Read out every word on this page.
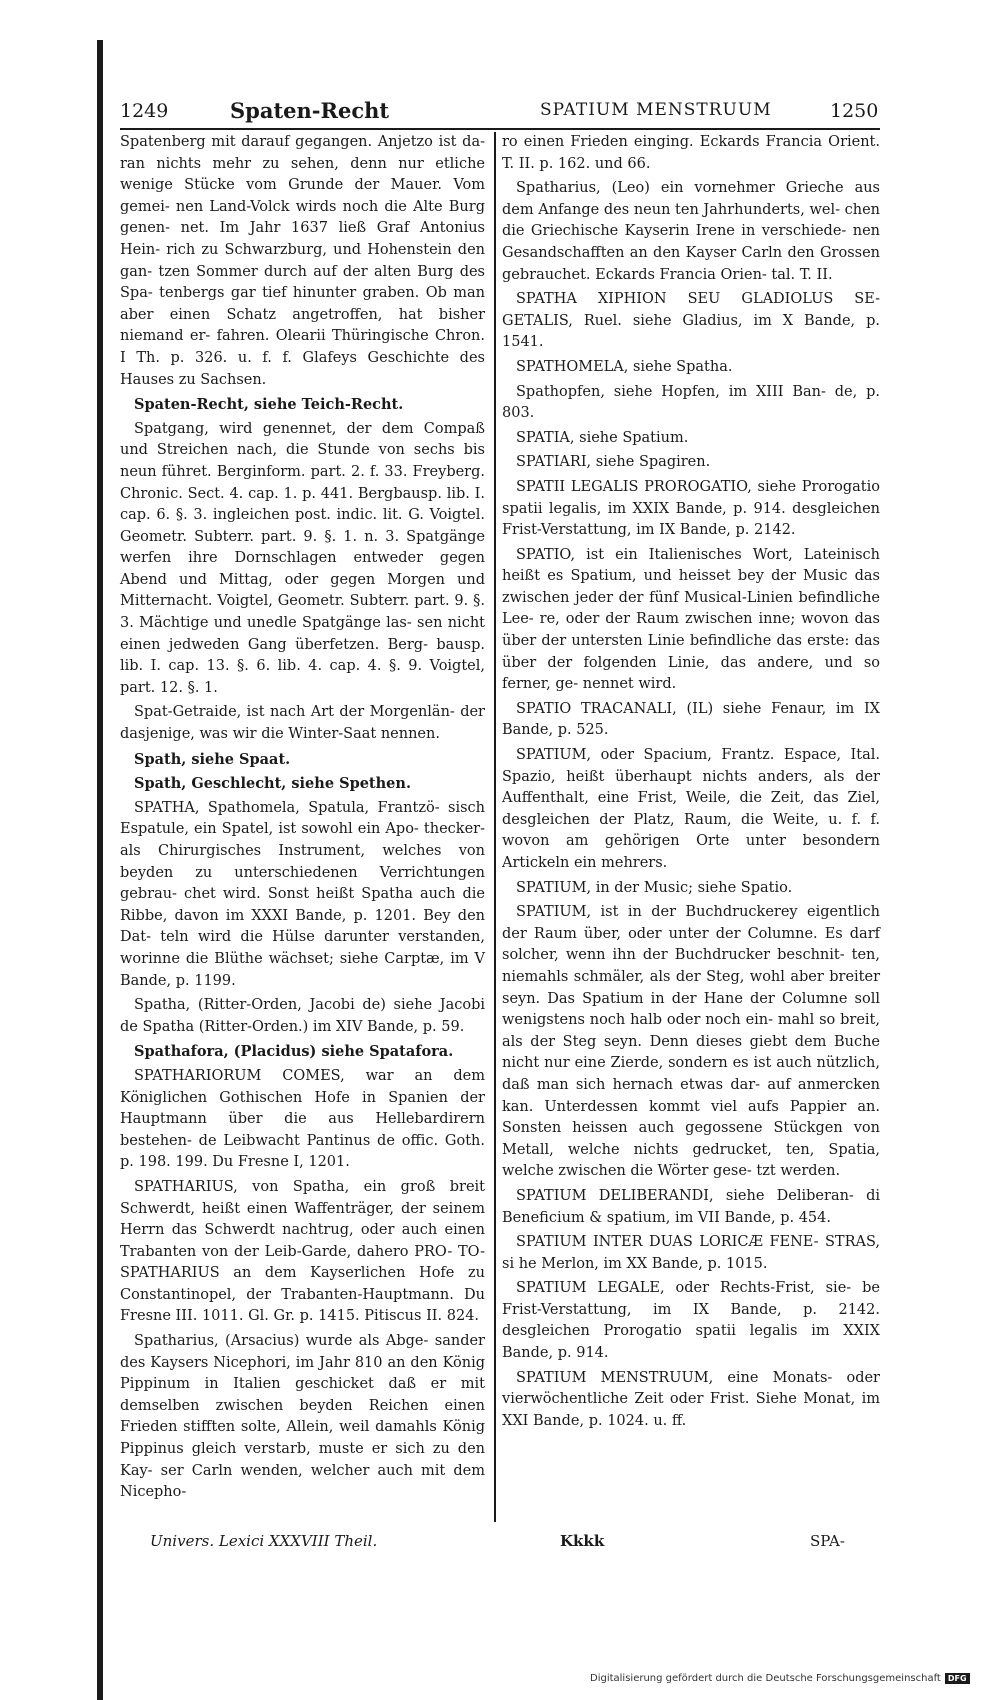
1249	Spaten-Recht	SPATIUM MENSTRUUM	1250

Spatenberg mit darauf gegangen. Anjetzo ist da- ran nichts mehr zu sehen, denn nur etliche wenige Stücke vom Grunde der Mauer. Vom gemei- nen Land-Volck wirds noch die Alte Burg genen- net. Im Jahr 1637 ließ Graf Antonius Hein- rich zu Schwarzburg, und Hohenstein den gan- tzen Sommer durch auf der alten Burg des Spa- tenbergs gar tief hinunter graben. Ob man aber einen Schatz angetroffen, hat bisher niemand er- fahren. Olearii Thüringische Chron. I Th. p. 326. u. f. f. Glafeys Geschichte des Hauses zu Sachsen.

Spaten-Recht, siehe Teich-Recht.

Spatgang, wird genennet, der dem Compaß und Streichen nach, die Stunde von sechs bis neun führet. Berginform. part. 2. f. 33. Freyberg. Chronic. Sect. 4. cap. 1. p. 441. Bergbausp. lib. I. cap. 6. §. 3. ingleichen post. indic. lit. G. Voigtel. Geometr. Subterr. part. 9. §. 1. n. 3. Spatgänge werfen ihre Dornschlagen entweder gegen Abend und Mittag, oder gegen Morgen und Mitternacht. Voigtel, Geometr. Subterr. part. 9. §. 3. Mächtige und unedle Spatgänge las- sen nicht einen jedweden Gang überfetzen. Berg- bausp. lib. I. cap. 13. §. 6. lib. 4. cap. 4. §. 9. Voigtel, part. 12. §. 1.

Spat-Getraide, ist nach Art der Morgenlän- der dasjenige, was wir die Winter-Saat nennen.

Spath, siehe Spaat.

Spath, Geschlecht, siehe Spethen.

SPATHA, Spathomela, Spatula, Frantzö- sisch Espatule, ein Spatel, ist sowohl ein Apo- thecker- als Chirurgisches Instrument, welches von beyden zu unterschiedenen Verrichtungen gebrau- chet wird. Sonst heißt Spatha auch die Ribbe, davon im XXXI Bande, p. 1201. Bey den Dat- teln wird die Hülse darunter verstanden, worinne die Blüthe wächset; siehe Carptæ, im V Bande, p. 1199.

Spatha, (Ritter-Orden, Jacobi de) siehe Jacobi de Spatha (Ritter-Orden.) im XIV Bande, p. 59.

Spathafora, (Placidus) siehe Spatafora.

SPATHARIORUM COMES, war an dem Königlichen Gothischen Hofe in Spanien der Hauptmann über die aus Hellebardirern bestehen- de Leibwacht Pantinus de offic. Goth. p. 198. 199. Du Fresne I, 1201.

SPATHARIUS, von Spatha, ein groß breit Schwerdt, heißt einen Waffenträger, der seinem Herrn das Schwerdt nachtrug, oder auch einen Trabanten von der Leib-Garde, dahero PRO- TO-SPATHARIUS an dem Kayserlichen Hofe zu Constantinopel, der Trabanten-Hauptmann. Du Fresne III. 1011. Gl. Gr. p. 1415. Pitiscus II. 824.

Spatharius, (Arsacius) wurde als Abge- sander des Kaysers Nicephori, im Jahr 810 an den König Pippinum in Italien geschicket daß er mit demselben zwischen beyden Reichen einen Frieden stifften solte, Allein, weil damahls König Pippinus gleich verstarb, muste er sich zu den Kay- ser Carln wenden, welcher auch mit dem Nicepho-

ro einen Frieden einging. Eckards Francia Orient. T. II. p. 162. und 66.

Spatharius, (Leo) ein vornehmer Grieche aus dem Anfange des neun ten Jahrhunderts, wel- chen die Griechische Kayserin Irene in verschiede- nen Gesandschafften an den Kayser Carln den Grossen gebrauchet. Eckards Francia Orien- tal. T. II.

SPATHA XIPHION SEU GLADIOLUS SE- GETALIS, Ruel. siehe Gladius, im X Bande, p. 1541.

SPATHOMELA, siehe Spatha.

Spathopfen, siehe Hopfen, im XIII Ban- de, p. 803.

SPATIA, siehe Spatium.

SPATIARI, siehe Spagiren.

SPATII LEGALIS PROROGATIO, siehe Prorogatio spatii legalis, im XXIX Bande, p. 914. desgleichen Frist-Verstattung, im IX Bande, p. 2142.

SPATIO, ist ein Italienisches Wort, Lateinisch heißt es Spatium, und heisset bey der Music das zwischen jeder der fünf Musical-Linien befindliche Lee- re, oder der Raum zwischen inne; wovon das über der untersten Linie befindliche das erste: das über der folgenden Linie, das andere, und so ferner, ge- nennet wird.

SPATIO TRACANALI, (IL) siehe Fenaur, im IX Bande, p. 525.

SPATIUM, oder Spacium, Frantz. Espace, Ital. Spazio, heißt überhaupt nichts anders, als der Auffenthalt, eine Frist, Weile, die Zeit, das Ziel, desgleichen der Platz, Raum, die Weite, u. f. f. wovon am gehörigen Orte unter besondern Artickeln ein mehrers.

SPATIUM, in der Music; siehe Spatio.

SPATIUM, ist in der Buchdruckerey eigentlich der Raum über, oder unter der Columne. Es darf solcher, wenn ihn der Buchdrucker beschnit- ten, niemahls schmäler, als der Steg, wohl aber breiter seyn. Das Spatium in der Hane der Columne soll wenigstens noch halb oder noch ein- mahl so breit, als der Steg seyn. Denn dieses giebt dem Buche nicht nur eine Zierde, sondern es ist auch nützlich, daß man sich hernach etwas dar- auf anmercken kan. Unterdessen kommt viel aufs Pappier an. Sonsten heissen auch gegossene Stückgen von Metall, welche nichts gedrucket, ten, Spatia, welche zwischen die Wörter gese- tzt werden.

SPATIUM DELIBERANDI, siehe Deliberan- di Beneficium & spatium, im VII Bande, p. 454.

SPATIUM INTER DUAS LORICÆ FENE- STRAS, si he Merlon, im XX Bande, p. 1015.

SPATIUM LEGALE, oder Rechts-Frist, sie- be Frist-Verstattung, im IX Bande, p. 2142. desgleichen Prorogatio spatii legalis im XXIX Bande, p. 914.

SPATIUM MENSTRUUM, eine Monats- oder vierwöchentliche Zeit oder Frist. Siehe Monat, im XXI Bande, p. 1024. u. ff.

Univers. Lexici XXXVIII Theil.	Kkkk	SPA-
Digitalisierung gefördert durch die Deutsche Forschungsgemeinschaft DFG
